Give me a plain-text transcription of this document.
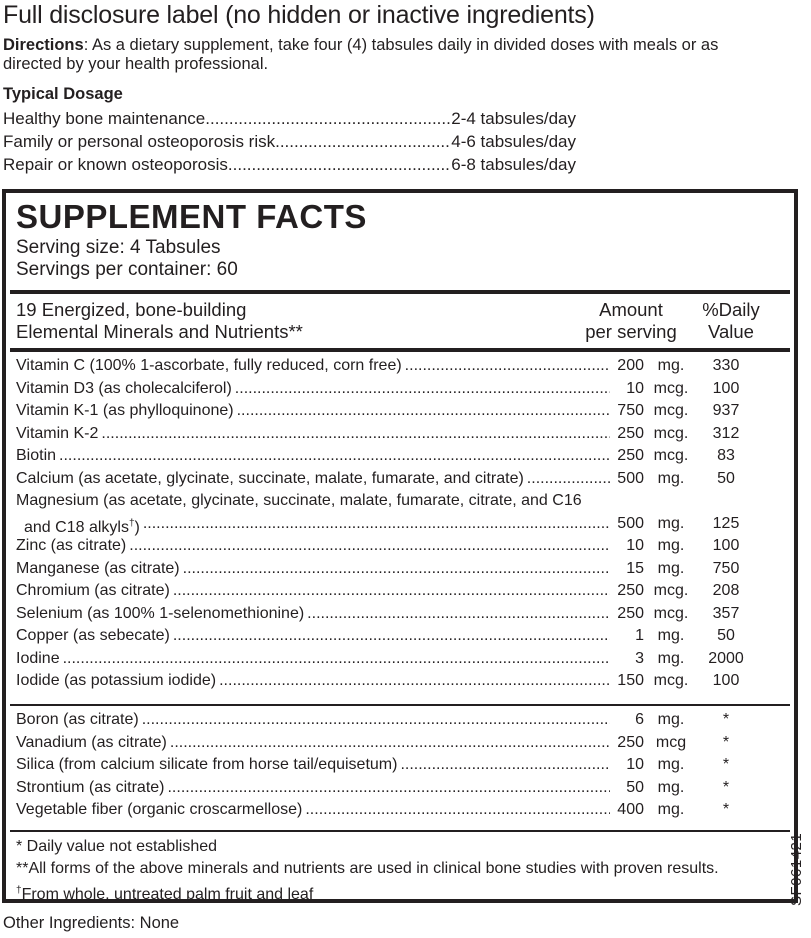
Full disclosure label (no hidden or inactive ingredients)
Directions: As a dietary supplement, take four (4) tabsules daily in divided doses with meals or as directed by your health professional.
Typical Dosage
Healthy bone maintenance .....	2-4 tabsules/day
Family or personal osteoporosis risk .....	4-6 tabsules/day
Repair or known osteoporosis .....	6-8 tabsules/day
SUPPLEMENT FACTS
Serving size: 4 Tabsules
Servings per container: 60
19 Energized, bone-building
Elemental Minerals and Nutrients**
Amount
per serving
%Daily
Value
Vitamin C (100% 1-ascorbate, fully reduced, corn free) .....	200 mg.	330
Vitamin D3 (as cholecalciferol) .....	10 mcg.	100
Vitamin K-1 (as phylloquinone) .....	750 mcg.	937
Vitamin K-2 .....	250 mcg.	312
Biotin .....	250 mcg.	83
Calcium (as acetate, glycinate, succinate, malate, fumarate, and citrate) .....	500 mg.	50
Magnesium (as acetate, glycinate, succinate, malate, fumarate, citrate, and C16
and C18 alkyls†) .....	500 mg.	125
Zinc (as citrate) .....	10 mg.	100
Manganese (as citrate) .....	15 mg.	750
Chromium (as citrate) .....	250 mcg.	208
Selenium (as 100% 1-selenomethionine) .....	250 mcg.	357
Copper (as sebecate) .....	1 mg.	50
Iodine .....	3 mg.	2000
Iodide (as potassium iodide) .....	150 mcg.	100
Boron (as citrate) .....	6 mg.	*
Vanadium (as citrate) .....	250 mcg	*
Silica (from calcium silicate from horse tail/equisetum) .....	10 mg.	*
Strontium (as citrate) .....	50 mg.	*
Vegetable fiber (organic croscarmellose) .....	400 mg.	*
* Daily value not established
**All forms of the above minerals and nutrients are used in clinical bone studies with proven results.
†From whole, untreated palm fruit and leaf
Other Ingredients: None
SF061421
